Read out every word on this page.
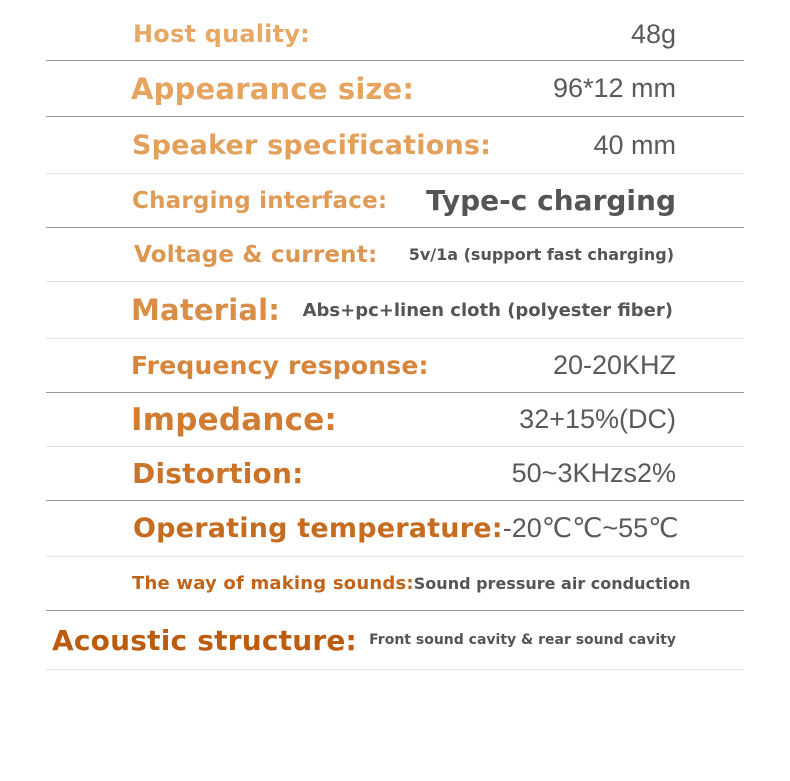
Host quality:	48g
Appearance size:	96*12 mm
Speaker specifications:	40 mm
Charging interface: Type-c charging
Voltage & current: 5v/1a (support fast charging)
Material: Abs+pc+linen cloth (polyester fiber)
Frequency response:	20-20KHZ
Impedance:	32+15%(DC)
Distortion:	50~3KHzs2%
Operating temperature: -20℃℃~55℃
The way of making sounds: Sound pressure air conduction
Acoustic structure: Front sound cavity & rear sound cavity
